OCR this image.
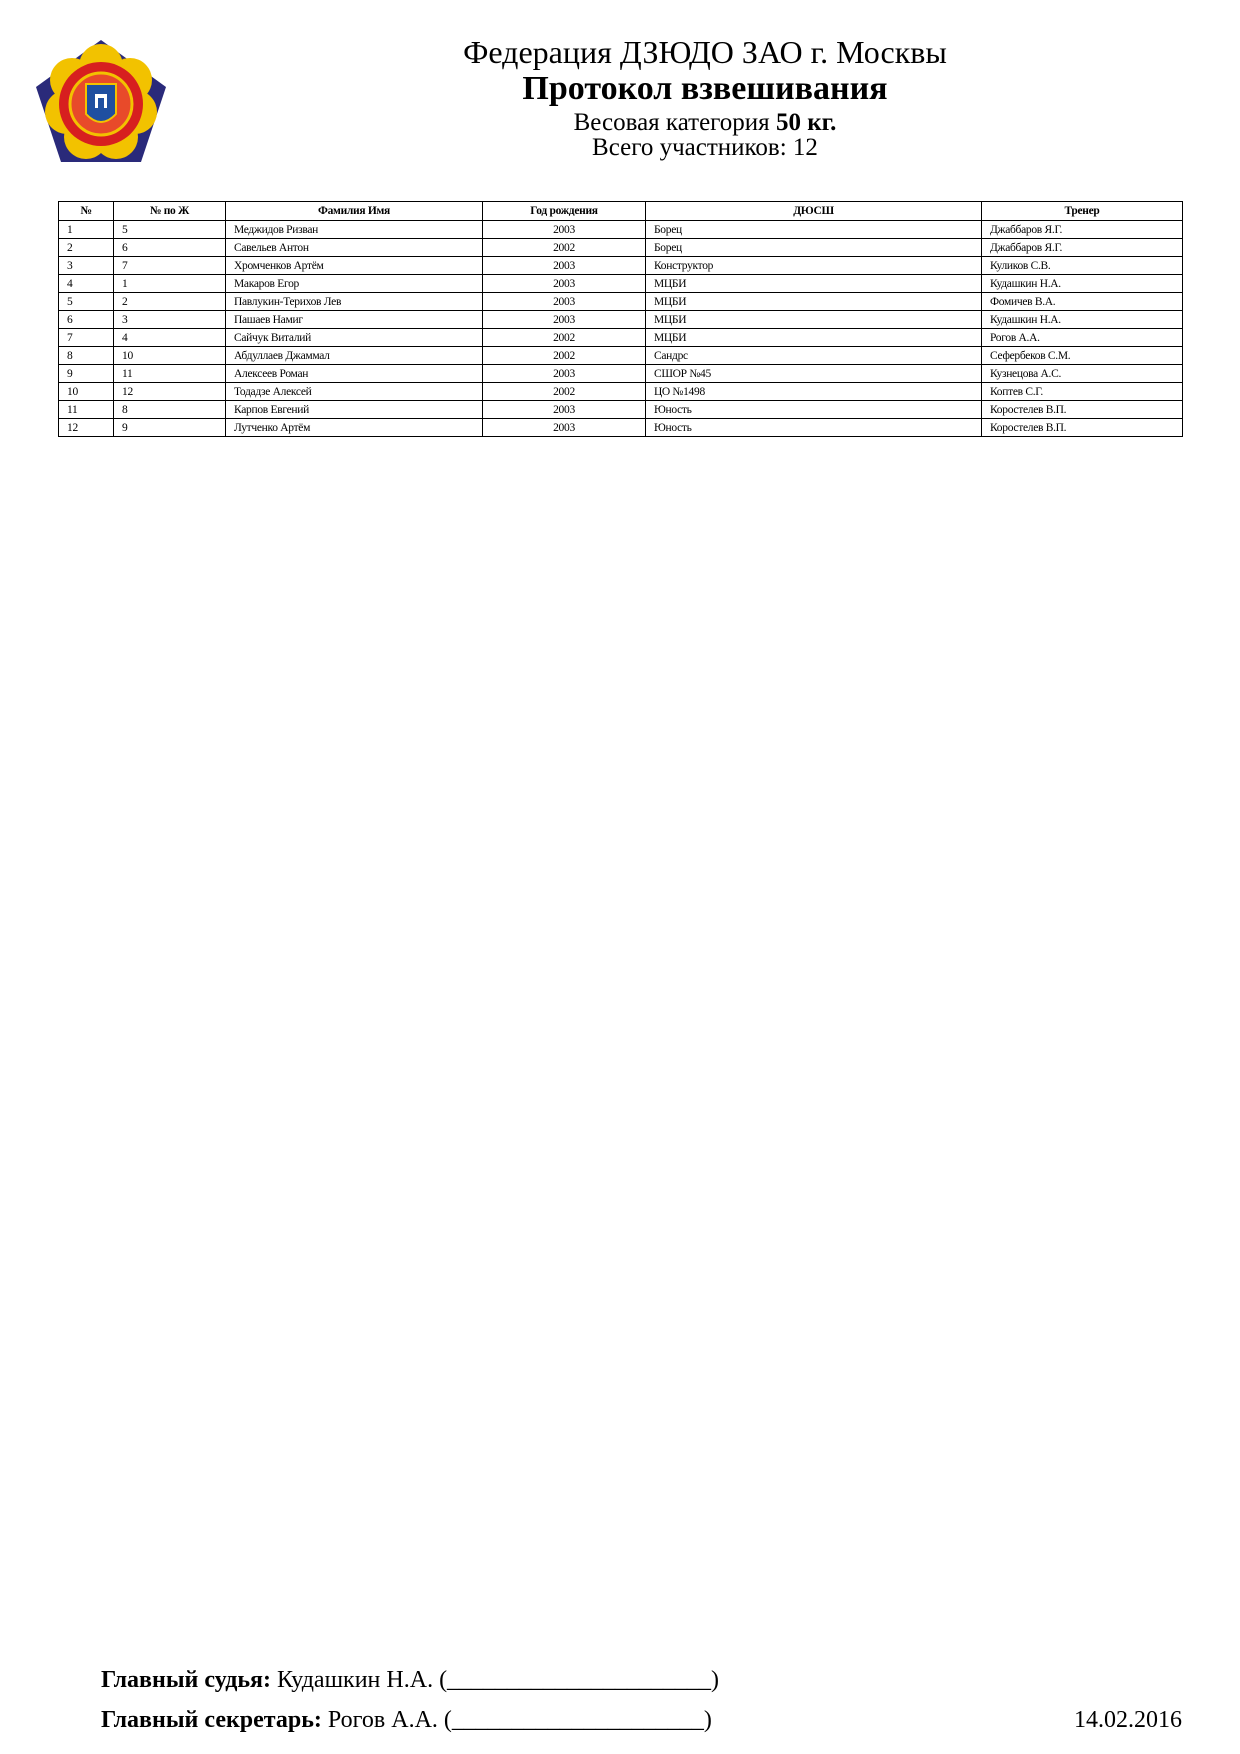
Федерация ДЗЮДО ЗАО г. Москвы
Протокол взвешивания
Весовая категория 50 кг.
Всего участников: 12
№	№ по Ж	Фамилия Имя	Год рождения	ДЮСШ	Тренер
1	5	Меджидов Ризван	2003	Борец	Джаббаров Я.Г.
2	6	Савельев Антон	2002	Борец	Джаббаров Я.Г.
3	7	Хромченков Артём	2003	Конструктор	Куликов С.В.
4	1	Макаров Егор	2003	МЦБИ	Кудашкин Н.А.
5	2	Павлукин-Терихов Лев	2003	МЦБИ	Фомичев В.А.
6	3	Пашаев Намиг	2003	МЦБИ	Кудашкин Н.А.
7	4	Сайчук Виталий	2002	МЦБИ	Рогов А.А.
8	10	Абдуллаев Джаммал	2002	Сандрс	Сефербеков С.М.
9	11	Алексеев Роман	2003	СШОР №45	Кузнецова А.С.
10	12	Тодадзе Алексей	2002	ЦО №1498	Коптев С.Г.
11	8	Карпов Евгений	2003	Юность	Коростелев В.П.
12	9	Лутченко Артём	2003	Юность	Коростелев В.П.
Главный судья: Кудашкин Н.А. (______________________)
Главный секретарь: Рогов А.А. (_____________________)	14.02.2016
